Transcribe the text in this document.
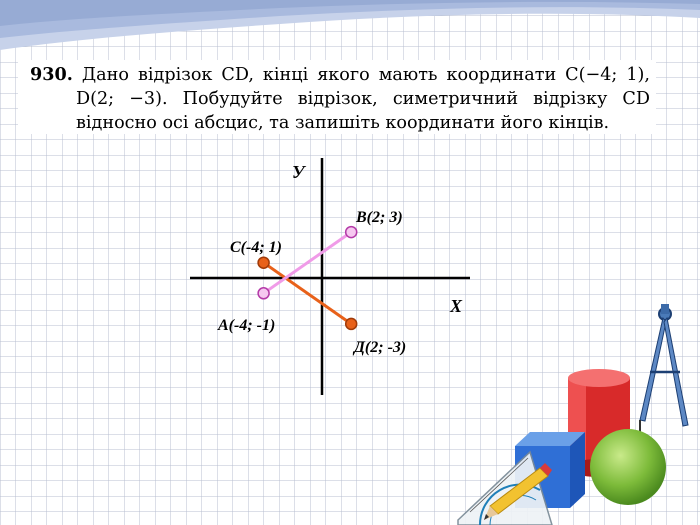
930. Дано відрізок CD, кінці якого мають координати C(−4; 1),
D(2; −3). Побудуйте відрізок, симетричний відрізку CD
відносно осі абсцис, та запишіть координати його кінців.
X
У
B(2; 3)
C(-4; 1)
A(-4; -1)
Д(2; -3)
